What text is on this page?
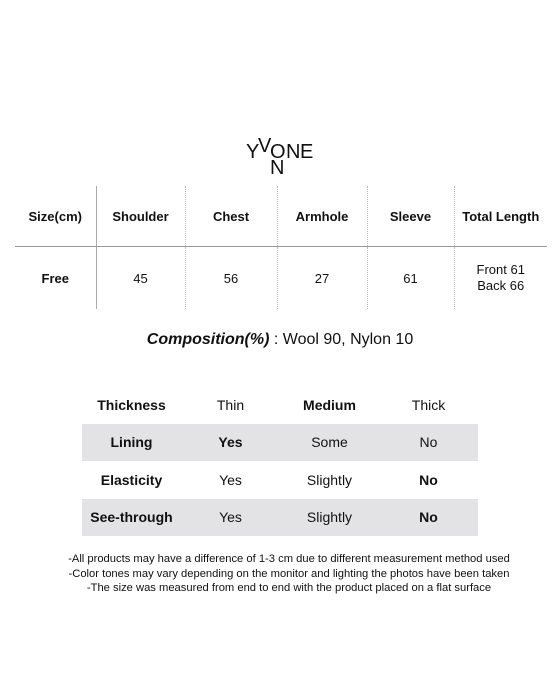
Y
V
O N
N
E
Size(cm)	Shoulder	Chest	Armhole	Sleeve	Total Length
Free	45	56	27	61	Front 61
Back 66
Composition(%) : Wool 90, Nylon 10
Thickness	Thin	Medium	Thick
Lining	Yes	Some	No
Elasticity	Yes	Slightly	No
See-through	Yes	Slightly	No
-All products may have a difference of 1-3 cm due to different measurement method used
-Color tones may vary depending on the monitor and lighting the photos have been taken
-The size was measured from end to end with the product placed on a flat surface
